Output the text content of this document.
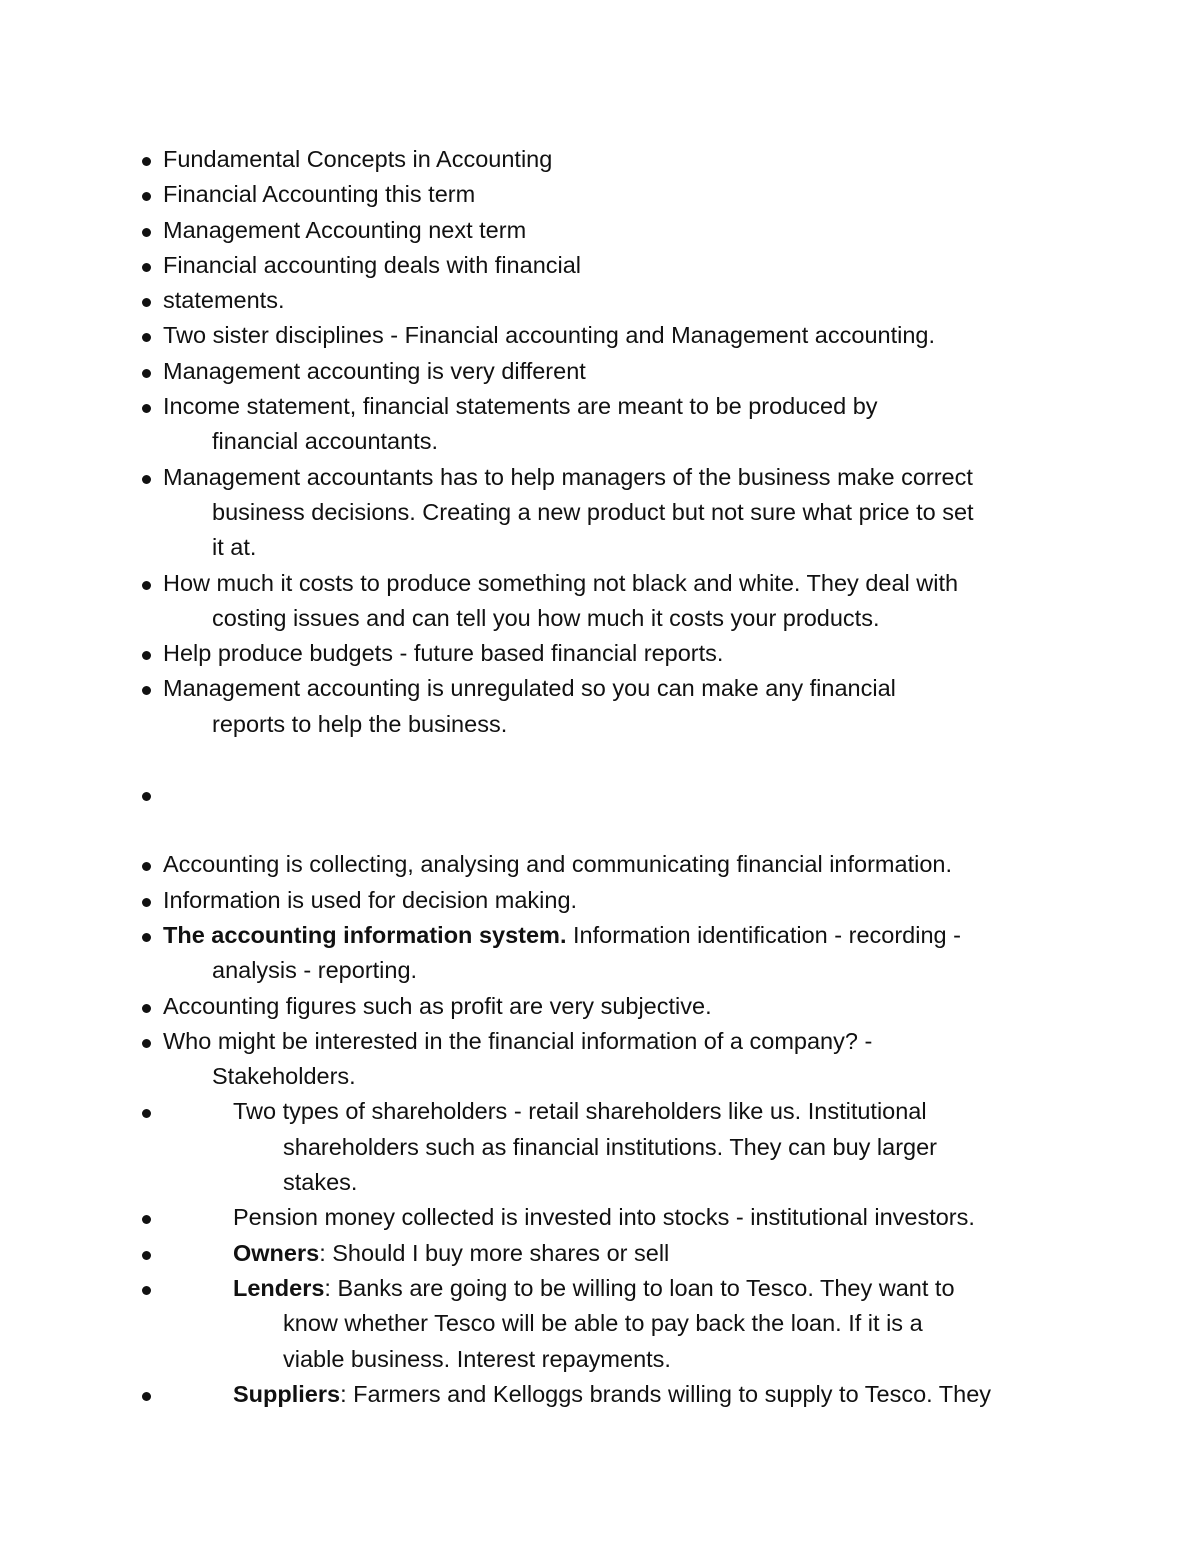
Fundamental Concepts in Accounting
Financial Accounting this term
Management Accounting next term
Financial accounting deals with financial
statements.
Two sister disciplines - Financial accounting and Management accounting.
Management accounting is very different
Income statement, financial statements are meant to be produced by
financial accountants.
Management accountants has to help managers of the business make correct
business decisions. Creating a new product but not sure what price to set
it at.
How much it costs to produce something not black and white. They deal with
costing issues and can tell you how much it costs your products.
Help produce budgets - future based financial reports.
Management accounting is unregulated so you can make any financial
reports to help the business.

Accounting is collecting, analysing and communicating financial information.
Information is used for decision making.
The accounting information system. Information identification - recording -
analysis - reporting.
Accounting figures such as profit are very subjective.
Who might be interested in the financial information of a company? -
Stakeholders.
Two types of shareholders - retail shareholders like us. Institutional
shareholders such as financial institutions. They can buy larger
stakes.
Pension money collected is invested into stocks - institutional investors.
Owners: Should I buy more shares or sell
Lenders: Banks are going to be willing to loan to Tesco. They want to
know whether Tesco will be able to pay back the loan. If it is a
viable business. Interest repayments.
Suppliers: Farmers and Kelloggs brands willing to supply to Tesco. They
